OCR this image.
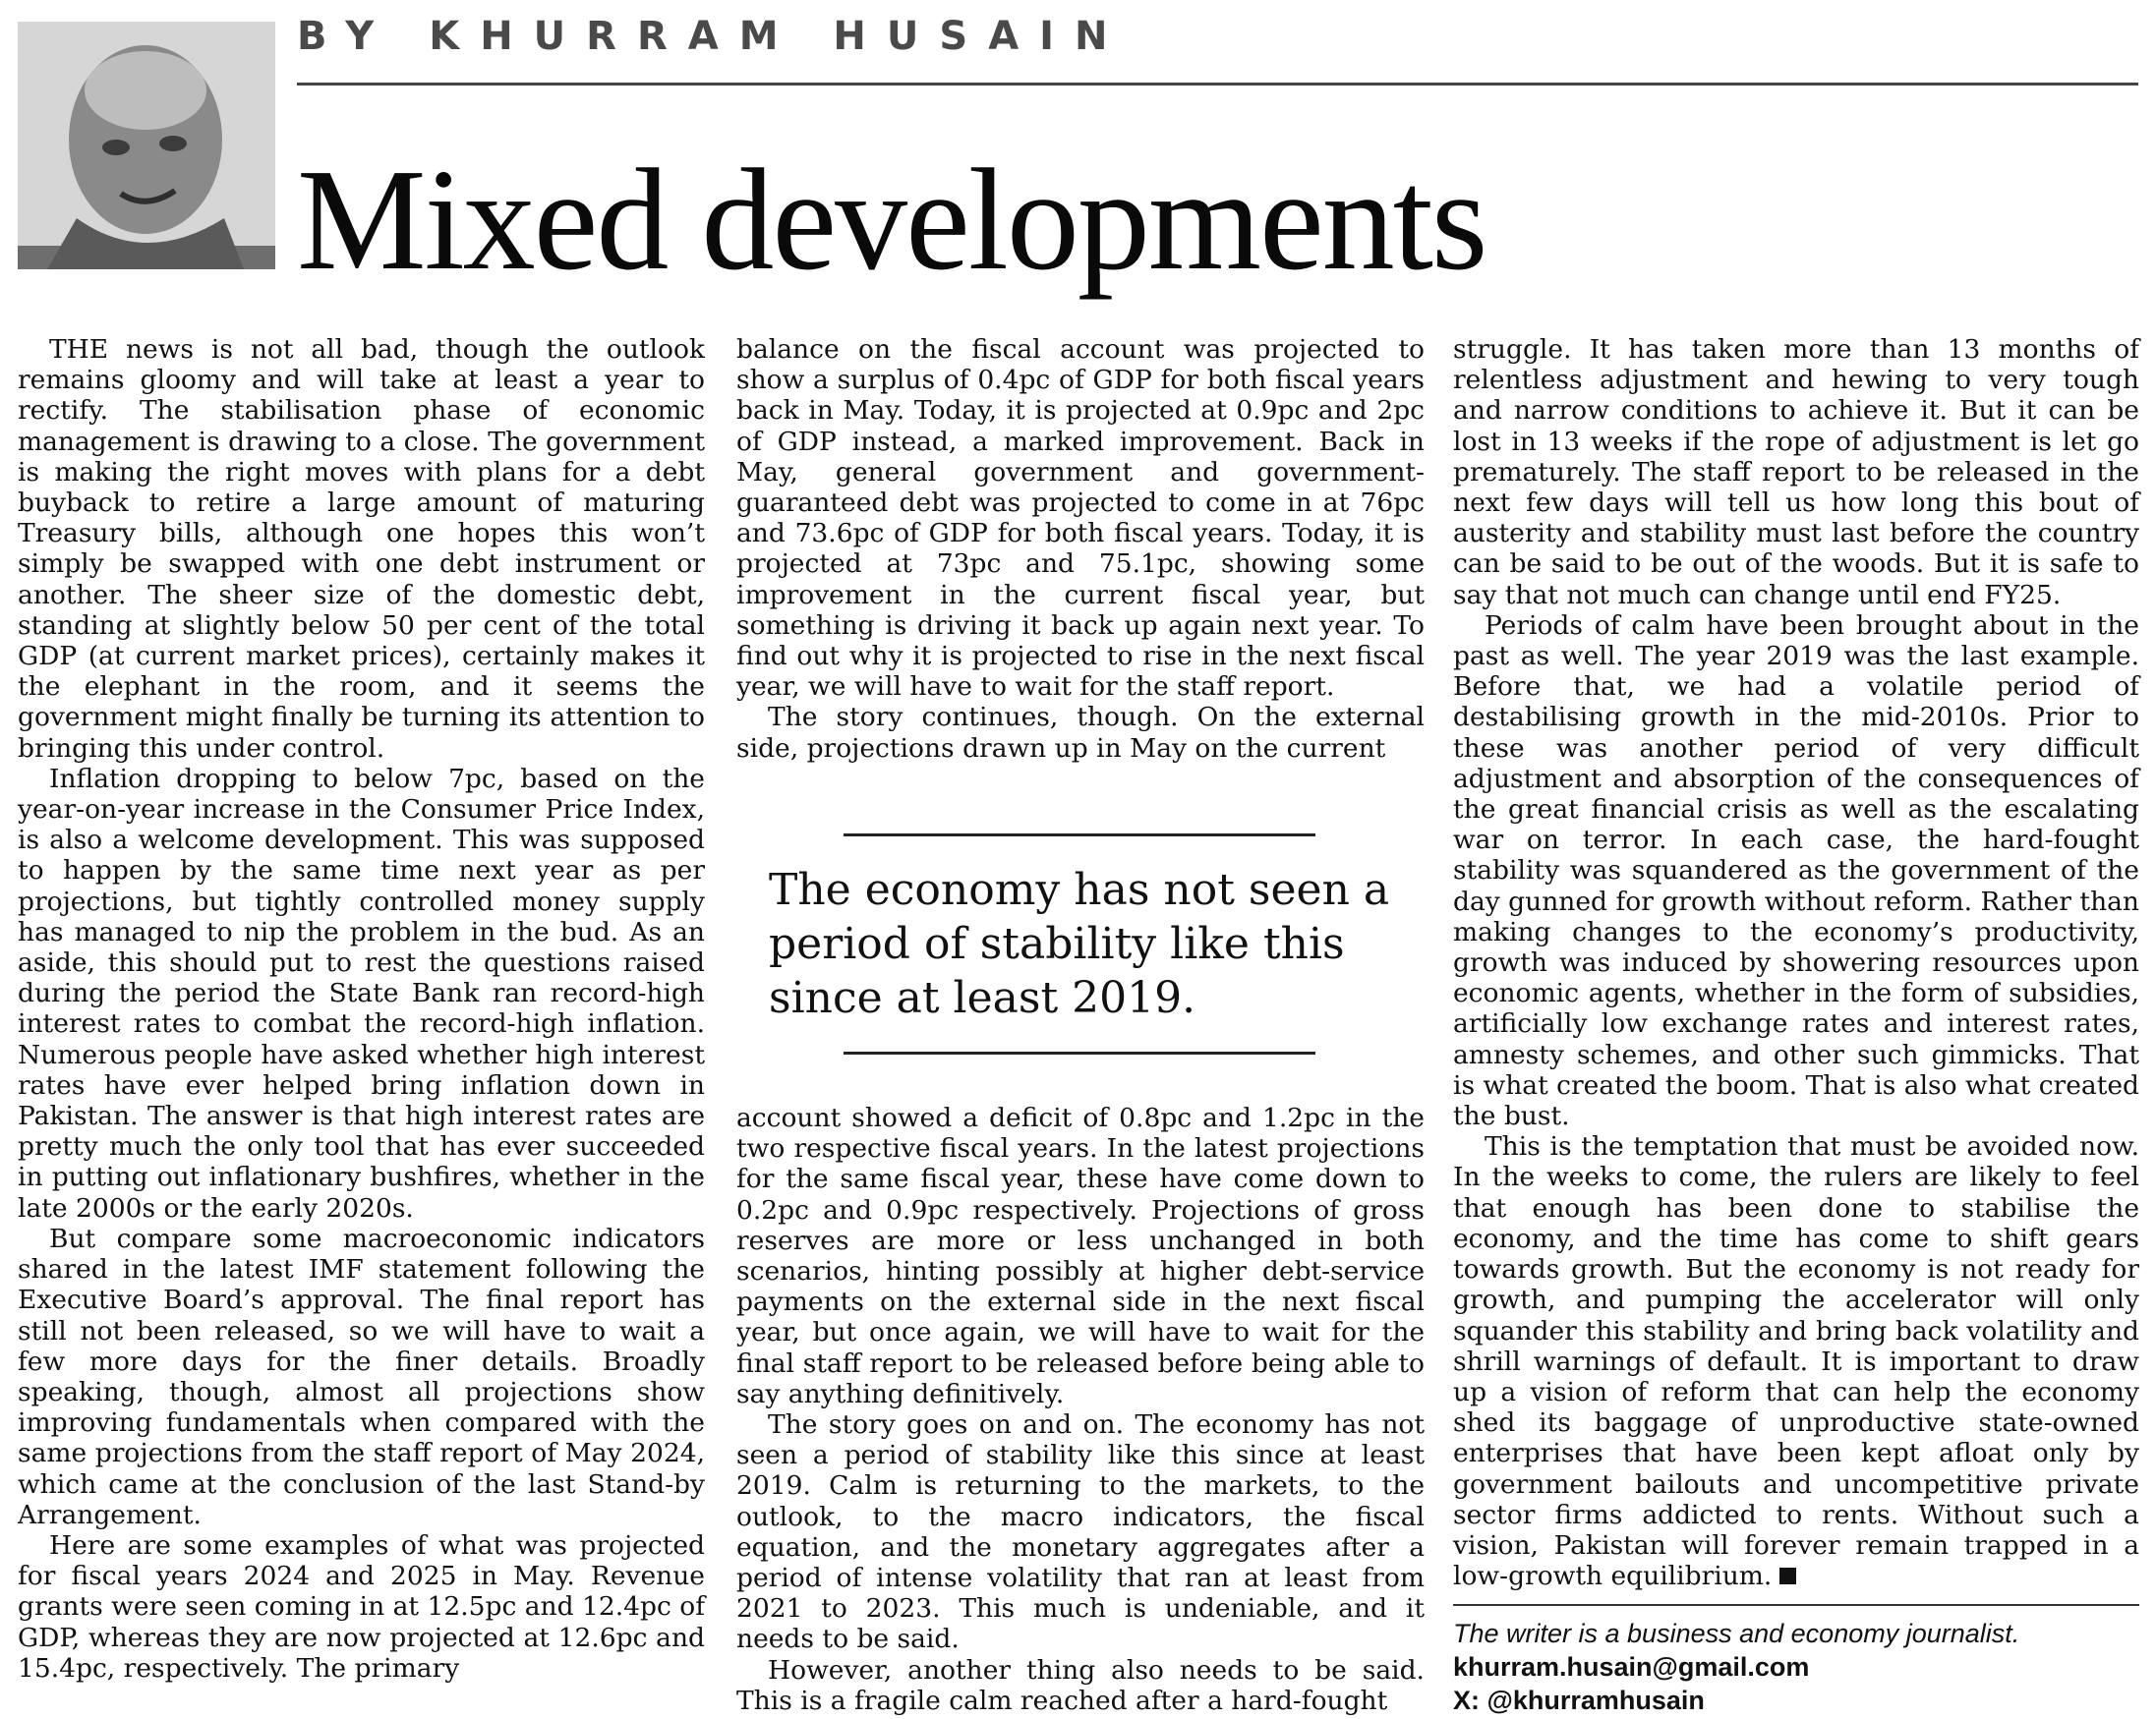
BY KHURRAM HUSAIN
Mixed developments

THE news is not all bad, though the outlook remains gloomy and will take at least a year to rectify. The stabilisation phase of economic management is drawing to a close. The government is making the right moves with plans for a debt buyback to retire a large amount of maturing Treasury bills, although one hopes this won’t simply be swapped with one debt instrument or another. The sheer size of the domestic debt, standing at slightly below 50 per cent of the total GDP (at current market prices), certainly makes it the elephant in the room, and it seems the government might finally be turning its attention to bringing this under control.

Inflation dropping to below 7pc, based on the year-on-year increase in the Consumer Price Index, is also a welcome development. This was supposed to happen by the same time next year as per projections, but tightly controlled money supply has managed to nip the problem in the bud. As an aside, this should put to rest the questions raised during the period the State Bank ran record-high interest rates to combat the record-high inflation. Numerous people have asked whether high interest rates have ever helped bring inflation down in Pakistan. The answer is that high interest rates are pretty much the only tool that has ever succeeded in putting out inflationary bushfires, whether in the late 2000s or the early 2020s.

But compare some macroeconomic indicators shared in the latest IMF statement following the Executive Board’s approval. The final report has still not been released, so we will have to wait a few more days for the finer details. Broadly speaking, though, almost all projections show improving fundamentals when compared with the same projections from the staff report of May 2024, which came at the conclusion of the last Stand-by Arrangement.

Here are some examples of what was projected for fiscal years 2024 and 2025 in May. Revenue grants were seen coming in at 12.5pc and 12.4pc of GDP, whereas they are now projected at 12.6pc and 15.4pc, respectively. The primary

balance on the fiscal account was projected to show a surplus of 0.4pc of GDP for both fiscal years back in May. Today, it is projected at 0.9pc and 2pc of GDP instead, a marked improvement. Back in May, general government and government-guaranteed debt was projected to come in at 76pc and 73.6pc of GDP for both fiscal years. Today, it is projected at 73pc and 75.1pc, showing some improvement in the current fiscal year, but something is driving it back up again next year. To find out why it is projected to rise in the next fiscal year, we will have to wait for the staff report.

The story continues, though. On the external side, projections drawn up in May on the current

The economy has not seen a period of stability like this since at least 2019.

account showed a deficit of 0.8pc and 1.2pc in the two respective fiscal years. In the latest projections for the same fiscal year, these have come down to 0.2pc and 0.9pc respectively. Projections of gross reserves are more or less unchanged in both scenarios, hinting possibly at higher debt-service payments on the external side in the next fiscal year, but once again, we will have to wait for the final staff report to be released before being able to say anything definitively.

The story goes on and on. The economy has not seen a period of stability like this since at least 2019. Calm is returning to the markets, to the outlook, to the macro indicators, the fiscal equation, and the monetary aggregates after a period of intense volatility that ran at least from 2021 to 2023. This much is undeniable, and it needs to be said.

However, another thing also needs to be said. This is a fragile calm reached after a hard-fought

struggle. It has taken more than 13 months of relentless adjustment and hewing to very tough and narrow conditions to achieve it. But it can be lost in 13 weeks if the rope of adjustment is let go prematurely. The staff report to be released in the next few days will tell us how long this bout of austerity and stability must last before the country can be said to be out of the woods. But it is safe to say that not much can change until end FY25.

Periods of calm have been brought about in the past as well. The year 2019 was the last example. Before that, we had a volatile period of destabilising growth in the mid-2010s. Prior to these was another period of very difficult adjustment and absorption of the consequences of the great financial crisis as well as the escalating war on terror. In each case, the hard-fought stability was squandered as the government of the day gunned for growth without reform. Rather than making changes to the economy’s productivity, growth was induced by showering resources upon economic agents, whether in the form of subsidies, artificially low exchange rates and interest rates, amnesty schemes, and other such gimmicks. That is what created the boom. That is also what created the bust.

This is the temptation that must be avoided now. In the weeks to come, the rulers are likely to feel that enough has been done to stabilise the economy, and the time has come to shift gears towards growth. But the economy is not ready for growth, and pumping the accelerator will only squander this stability and bring back volatility and shrill warnings of default. It is important to draw up a vision of reform that can help the economy shed its baggage of unproductive state-owned enterprises that have been kept afloat only by government bailouts and uncompetitive private sector firms addicted to rents. Without such a vision, Pakistan will forever remain trapped in a low-growth equilibrium.

The writer is a business and economy journalist.
khurram.husain@gmail.com
X: @khurramhusain
